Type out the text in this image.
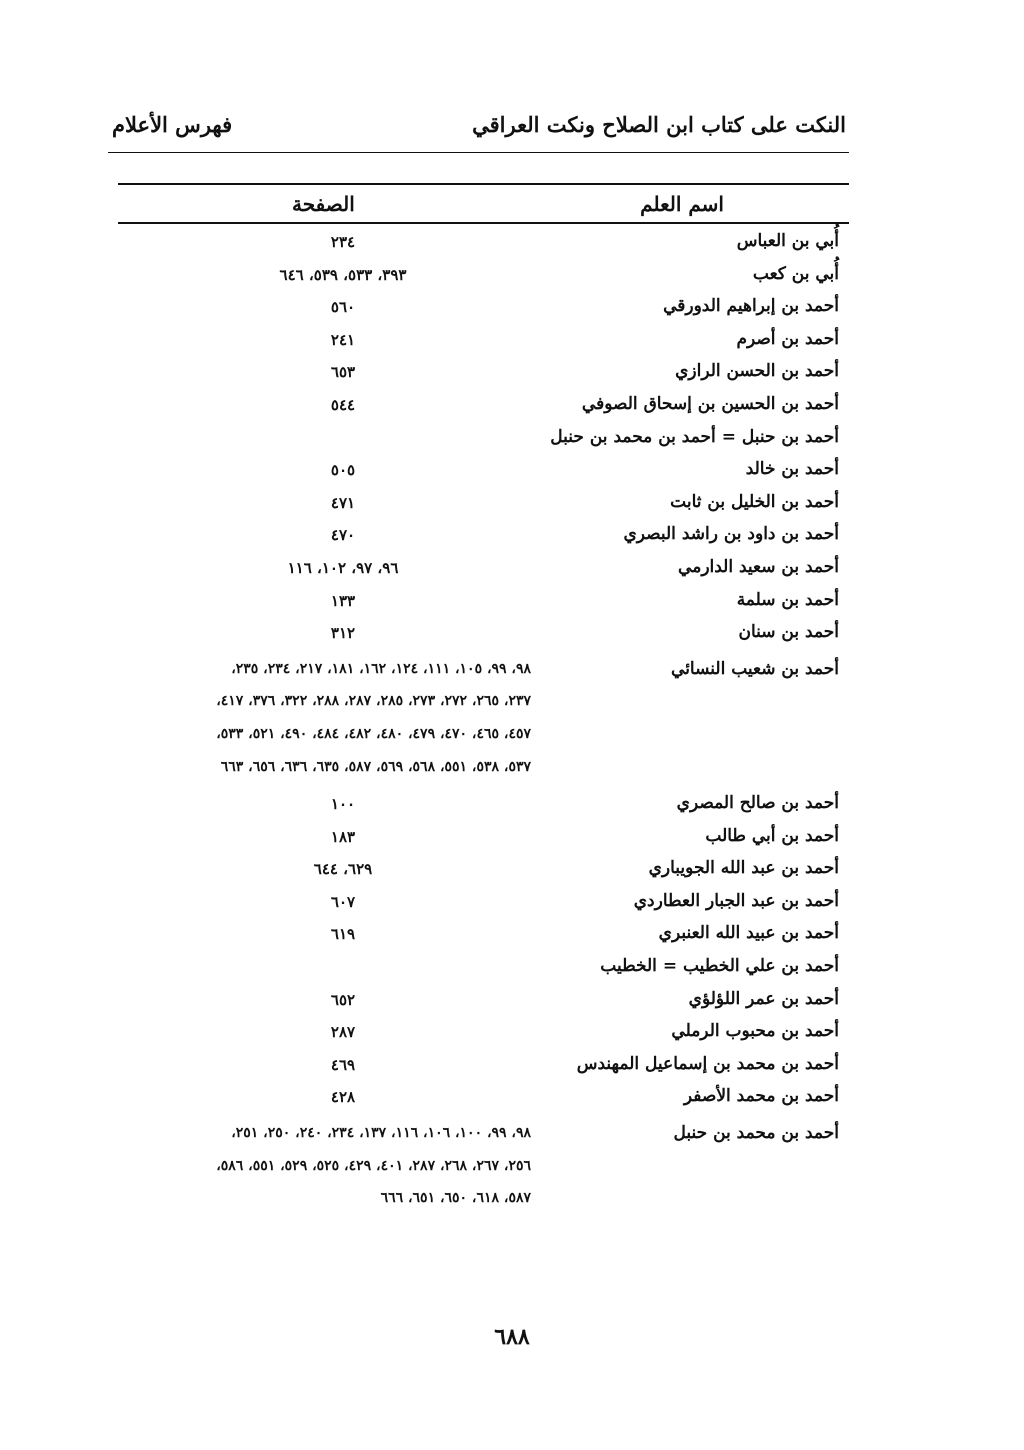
النكت على كتاب ابن الصلاح ونكت العراقي
فهرس الأعلام
اسم العلم
الصفحة
أُبي بن العباس
٢٣٤
أُبي بن كعب
٣٩٣، ٥٣٣، ٥٣٩، ٦٤٦
أحمد بن إبراهيم الدورقي
٥٦٠
أحمد بن أصرم
٢٤١
أحمد بن الحسن الرازي
٦٥٣
أحمد بن الحسين بن إسحاق الصوفي
٥٤٤
أحمد بن حنبل = أحمد بن محمد بن حنبل
أحمد بن خالد
٥٠٥
أحمد بن الخليل بن ثابت
٤٧١
أحمد بن داود بن راشد البصري
٤٧٠
أحمد بن سعيد الدارمي
٩٦، ٩٧، ١٠٢، ١١٦
أحمد بن سلمة
١٣٣
أحمد بن سنان
٣١٢
أحمد بن شعيب النسائي
٩٨، ٩٩، ١٠٥، ١١١، ١٢٤، ١٦٢، ١٨١، ٢١٧، ٢٣٤، ٢٣٥،
٢٣٧، ٢٦٥، ٢٧٢، ٢٧٣، ٢٨٥، ٢٨٧، ٢٨٨، ٣٢٢، ٣٧٦، ٤١٧،
٤٥٧، ٤٦٥، ٤٧٠، ٤٧٩، ٤٨٠، ٤٨٢، ٤٨٤، ٤٩٠، ٥٢١، ٥٣٣،
٥٣٧، ٥٣٨، ٥٥١، ٥٦٨، ٥٦٩، ٥٨٧، ٦٣٥، ٦٣٦، ٦٥٦، ٦٦٣
أحمد بن صالح المصري
١٠٠
أحمد بن أبي طالب
١٨٣
أحمد بن عبد الله الجويباري
٦٢٩، ٦٤٤
أحمد بن عبد الجبار العطاردي
٦٠٧
أحمد بن عبيد الله العنبري
٦١٩
أحمد بن علي الخطيب = الخطيب
أحمد بن عمر اللؤلؤي
٦٥٢
أحمد بن محبوب الرملي
٢٨٧
أحمد بن محمد بن إسماعيل المهندس
٤٦٩
أحمد بن محمد الأصفر
٤٢٨
أحمد بن محمد بن حنبل
٩٨، ٩٩، ١٠٠، ١٠٦، ١١٦، ١٣٧، ٢٣٤، ٢٤٠، ٢٥٠، ٢٥١،
٢٥٦، ٢٦٧، ٢٦٨، ٢٨٧، ٤٠١، ٤٢٩، ٥٢٥، ٥٢٩، ٥٥١، ٥٨٦،
٥٨٧، ٦١٨، ٦٥٠، ٦٥١، ٦٦٦
٦٨٨
